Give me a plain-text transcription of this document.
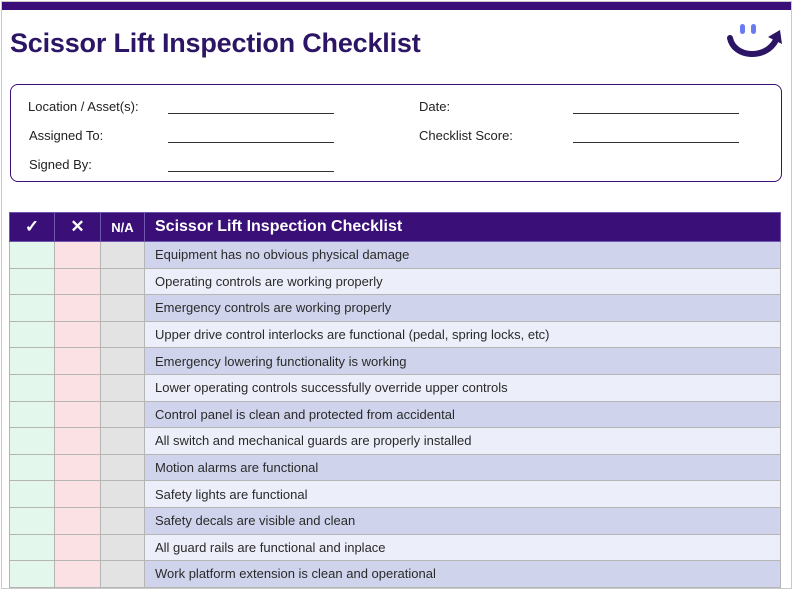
Scissor Lift Inspection Checklist
Location / Asset(s):
Assigned To:
Signed By:
Date:
Checklist Score:
✓	✕	N/A	Scissor Lift Inspection Checklist
			Equipment has no obvious physical damage
			Operating controls are working properly
			Emergency controls are working properly
			Upper drive control interlocks are functional (pedal, spring locks, etc)
			Emergency lowering functionality is working
			Lower operating controls successfully override upper controls
			Control panel is clean and protected from accidental
			All switch and mechanical guards are properly installed
			Motion alarms are functional
			Safety lights are functional
			Safety decals are visible and clean
			All guard rails are functional and inplace
			Work platform extension is clean and operational
